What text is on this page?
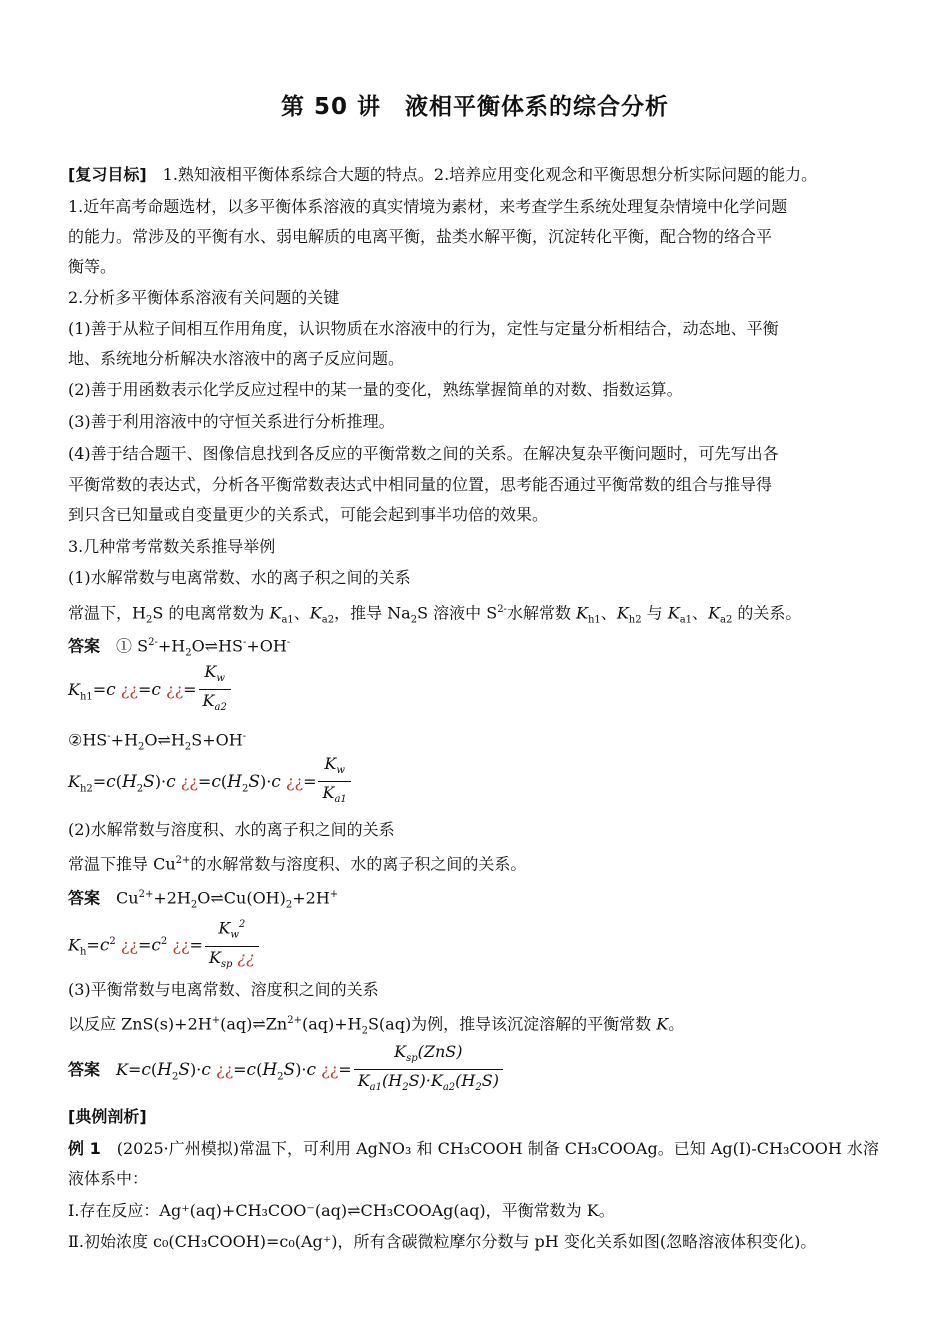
第 50 讲　液相平衡体系的综合分析
[复习目标]　1.熟知液相平衡体系综合大题的特点。2.培养应用变化观念和平衡思想分析实际问题的能力。
1.近年高考命题选材，以多平衡体系溶液的真实情境为素材，来考查学生系统处理复杂情境中化学问题
的能力。常涉及的平衡有水、弱电解质的电离平衡，盐类水解平衡，沉淀转化平衡，配合物的络合平
衡等。
2.分析多平衡体系溶液有关问题的关键
(1)善于从粒子间相互作用角度，认识物质在水溶液中的行为，定性与定量分析相结合，动态地、平衡
地、系统地分析解决水溶液中的离子反应问题。
(2)善于用函数表示化学反应过程中的某一量的变化，熟练掌握简单的对数、指数运算。
(3)善于利用溶液中的守恒关系进行分析推理。
(4)善于结合题干、图像信息找到各反应的平衡常数之间的关系。在解决复杂平衡问题时，可先写出各
平衡常数的表达式，分析各平衡常数表达式中相同量的位置，思考能否通过平衡常数的组合与推导得
到只含已知量或自变量更少的关系式，可能会起到事半功倍的效果。
3.几种常考常数关系推导举例
(1)水解常数与电离常数、水的离子积之间的关系
常温下，$H_2S$ 的电离常数为 $K_{a1}$、$K_{a2}$，推导 $Na_2S$ 溶液中 $S^{2-}$水解常数 $K_{h1}$、$K_{h2}$ 与 $K_{a1}$、$K_{a2}$ 的关系。
答案　① $S^{2-}+H_2O\rightleftharpoons HS^-+OH^-$
$K_{h1}=c$ ¿¿=c ¿¿= $\frac{K_w}{K_{a2}}$
$②HS^-+H_2O\rightleftharpoons H_2S+OH^-$
$K_{h2}=c(H_2S)\cdot c$ ¿¿$=c(H_2S)\cdot c$ ¿¿= $\frac{K_w}{K_{a1}}$
(2)水解常数与溶度积、水的离子积之间的关系
常温下推导 $Cu^{2+}$的水解常数与溶度积、水的离子积之间的关系。
答案　$Cu^{2+}+2H_2O\rightleftharpoons Cu(OH)_2+2H^+$
$K_h=c^2$ ¿¿$=c^2$ ¿¿= $\frac{K_w^2}{K_{sp} ¿¿}$
(3)平衡常数与电离常数、溶度积之间的关系
以反应 $ZnS(s)+2H^+(aq)\rightleftharpoons Zn^{2+}(aq)+H_2S(aq)$为例，推导该沉淀溶解的平衡常数 K。
答案　 $K=c(H_2S)\cdot c$ ¿¿$=c(H_2S)\cdot c$ ¿¿= $\frac{K_{sp}(ZnS)}{K_{a1}(H_2S)\cdot K_{a2}(H_2S)}$
[典例剖析]
例 1　(2025·广州模拟)常温下，可利用 AgNO₃ 和 CH₃COOH 制备 CH₃COOAg。已知 Ag(Ⅰ)-CH₃COOH 水溶
液体系中：
Ⅰ.存在反应：Ag⁺(aq)+CH₃COO⁻(aq)⇌CH₃COOAg(aq)，平衡常数为 K。
Ⅱ.初始浓度 c₀(CH₃COOH)=c₀(Ag⁺)，所有含碳微粒摩尔分数与 pH 变化关系如图(忽略溶液体积变化)。
